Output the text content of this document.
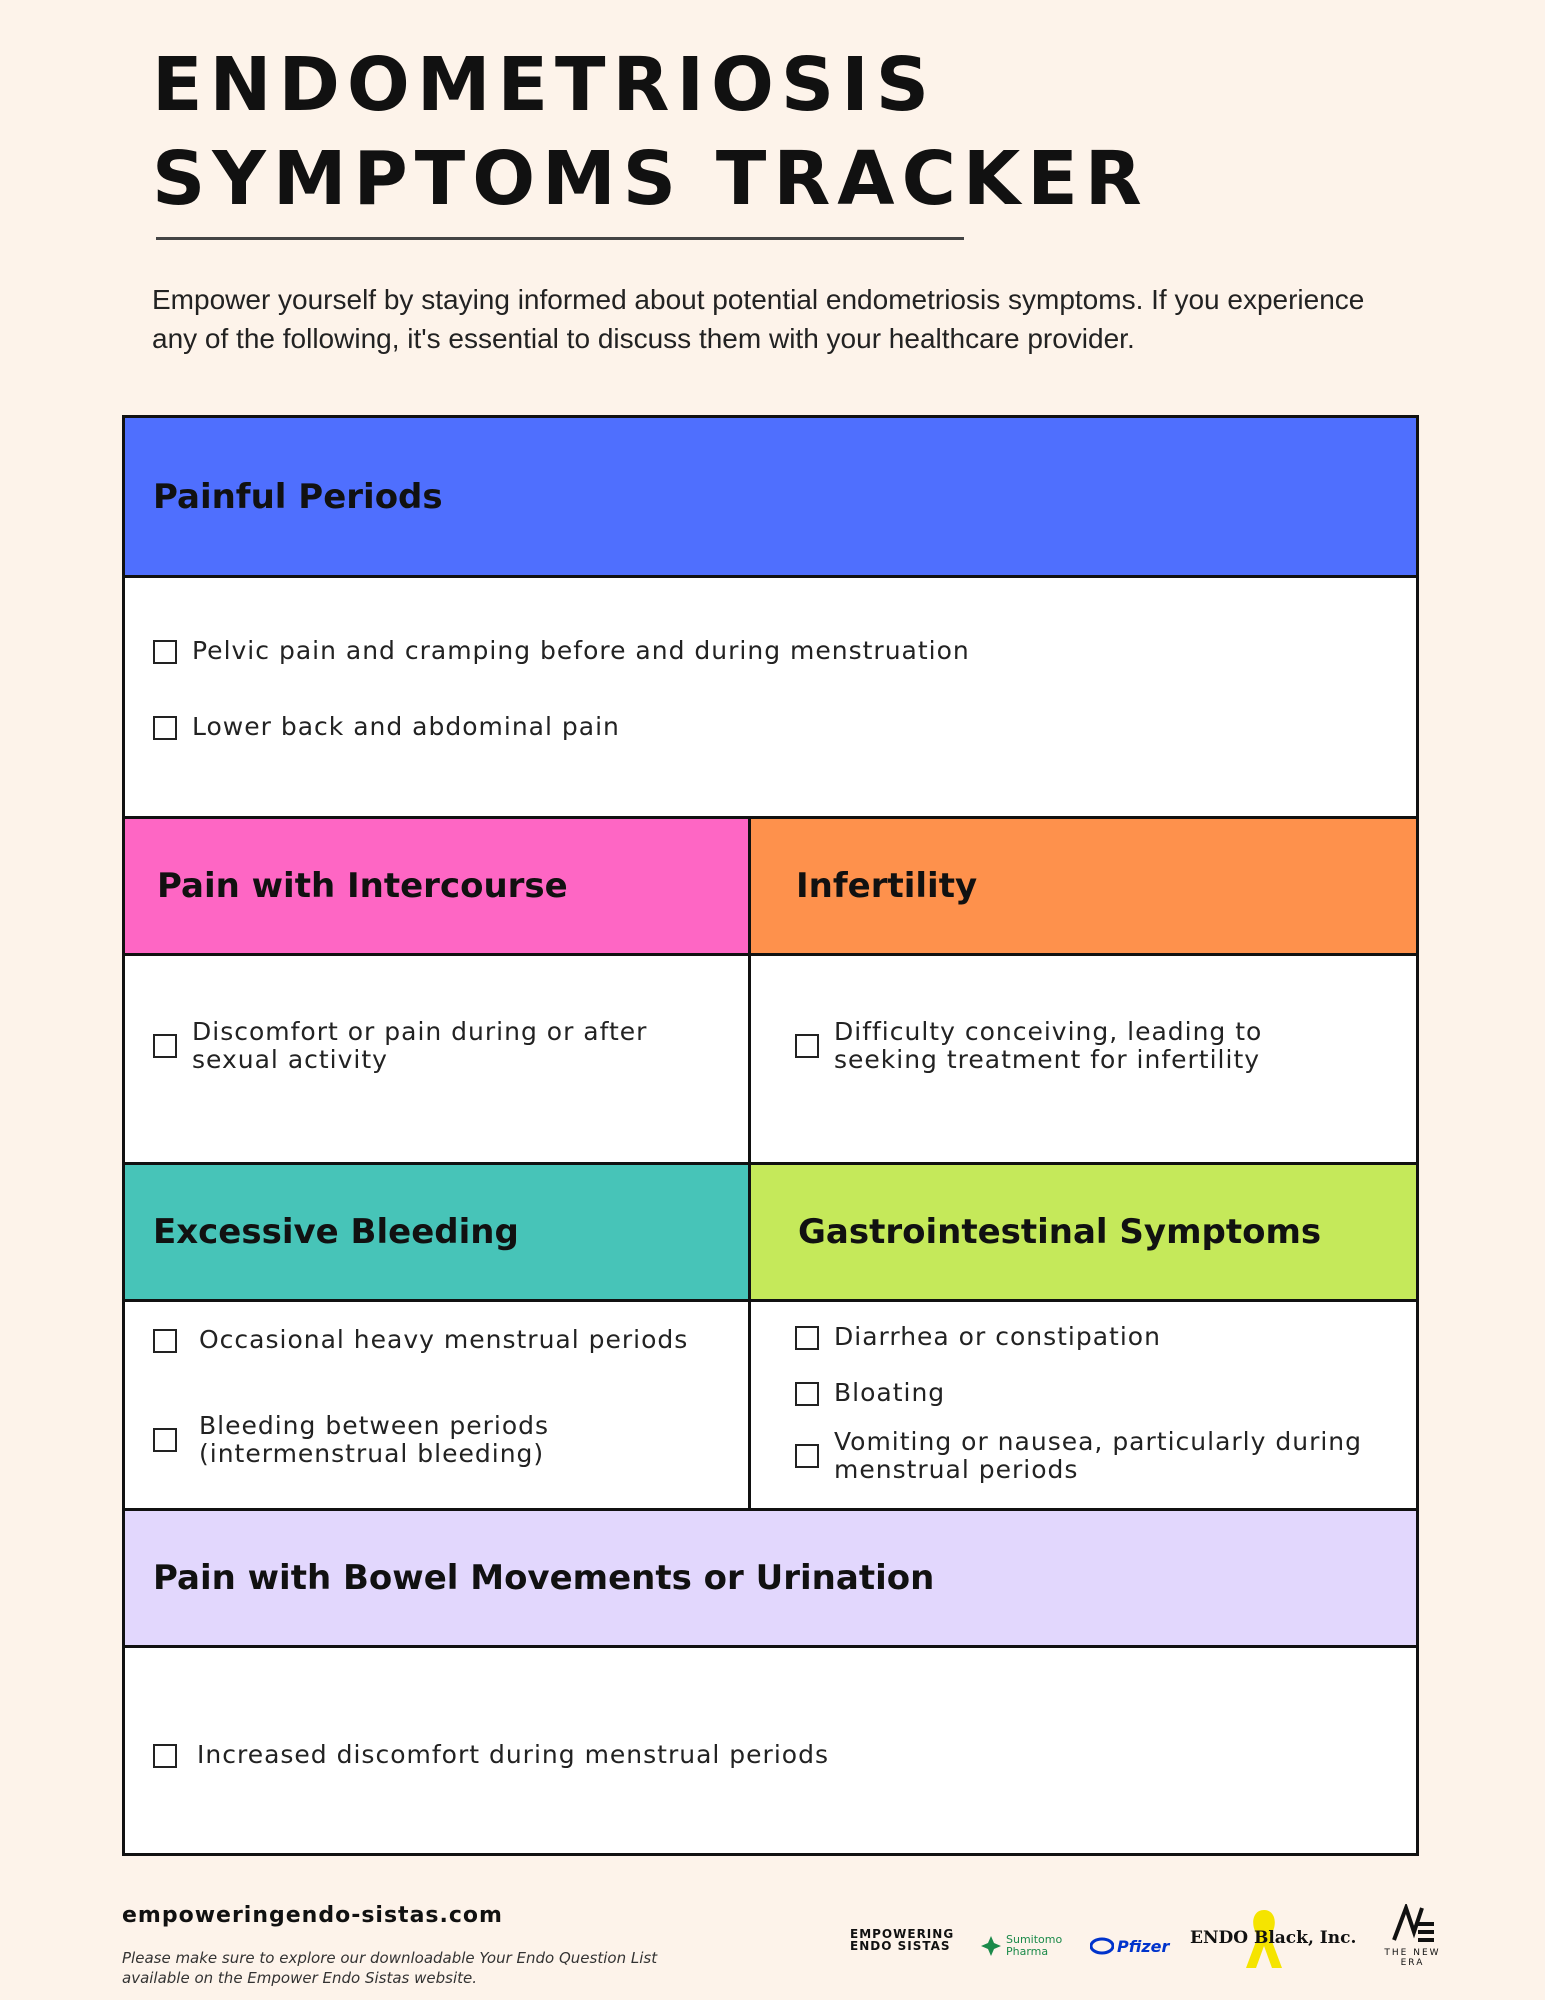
ENDOMETRIOSIS
SYMPTOMS TRACKER
Empower yourself by staying informed about potential endometriosis symptoms. If you experience any of the following, it's essential to discuss them with your healthcare provider.
Painful Periods
Pelvic pain and cramping before and during menstruation
Lower back and abdominal pain
Pain with Intercourse	Infertility
Discomfort or pain during or after sexual activity
Difficulty conceiving, leading to seeking treatment for infertility
Excessive Bleeding	Gastrointestinal Symptoms
Occasional heavy menstrual periods
Bleeding between periods (intermenstrual bleeding)
Diarrhea or constipation
Bloating
Vomiting or nausea, particularly during menstrual periods
Pain with Bowel Movements or Urination
Increased discomfort during menstrual periods
empoweringendo-sistas.com
Please make sure to explore our downloadable Your Endo Question List available on the Empower Endo Sistas website.
EMPOWERING ENDO SISTAS	Sumitomo Pharma	Pfizer ENDO Black, Inc.
THE NEW ERA
